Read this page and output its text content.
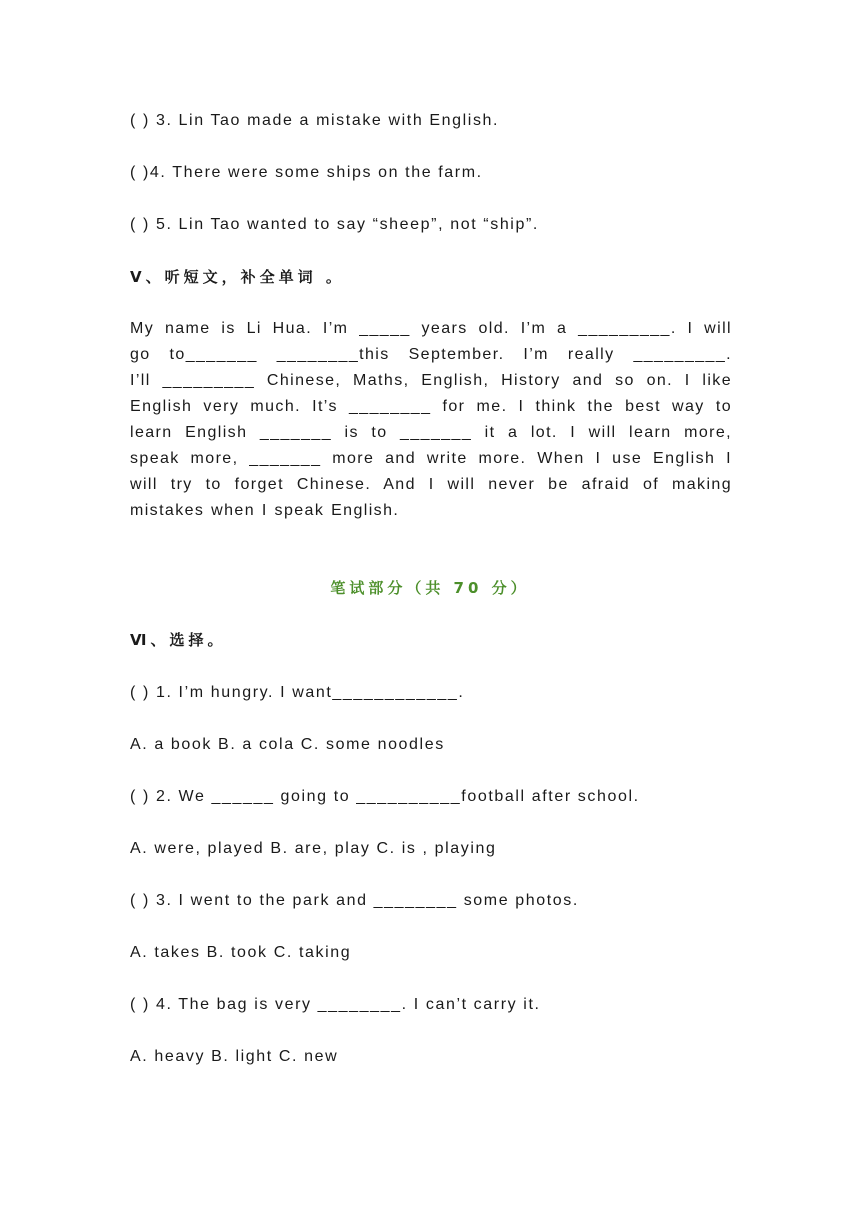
( ) 3. Lin Tao made a mistake with English.
( )4. There were some ships on the farm.
( ) 5. Lin Tao wanted to say “sheep”, not “ship”.
Ⅴ、听短文，补全单词 。
My name is Li Hua. I’m _____ years old. I’m a _________. I will
go to_______ ________this September. I’m really _________.
I’ll _________ Chinese, Maths, English, History and so on. I like
English very much. It’s ________ for me. I think the best way to
learn English _______ is to _______ it a lot. I will learn more,
speak more, _______ more and write more. When I use English I
will try to forget Chinese. And I will never be afraid of making
mistakes when I speak English.
笔试部分（共 70 分）
Ⅵ、选择。
( ) 1. I’m hungry. I want____________.
A. a book B. a cola C. some noodles
( ) 2. We ______ going to __________football after school.
A. were, played B. are, play C. is , playing
( ) 3. I went to the park and ________ some photos.
A. takes B. took C. taking
( ) 4. The bag is very ________. I can’t carry it.
A. heavy B. light C. new
